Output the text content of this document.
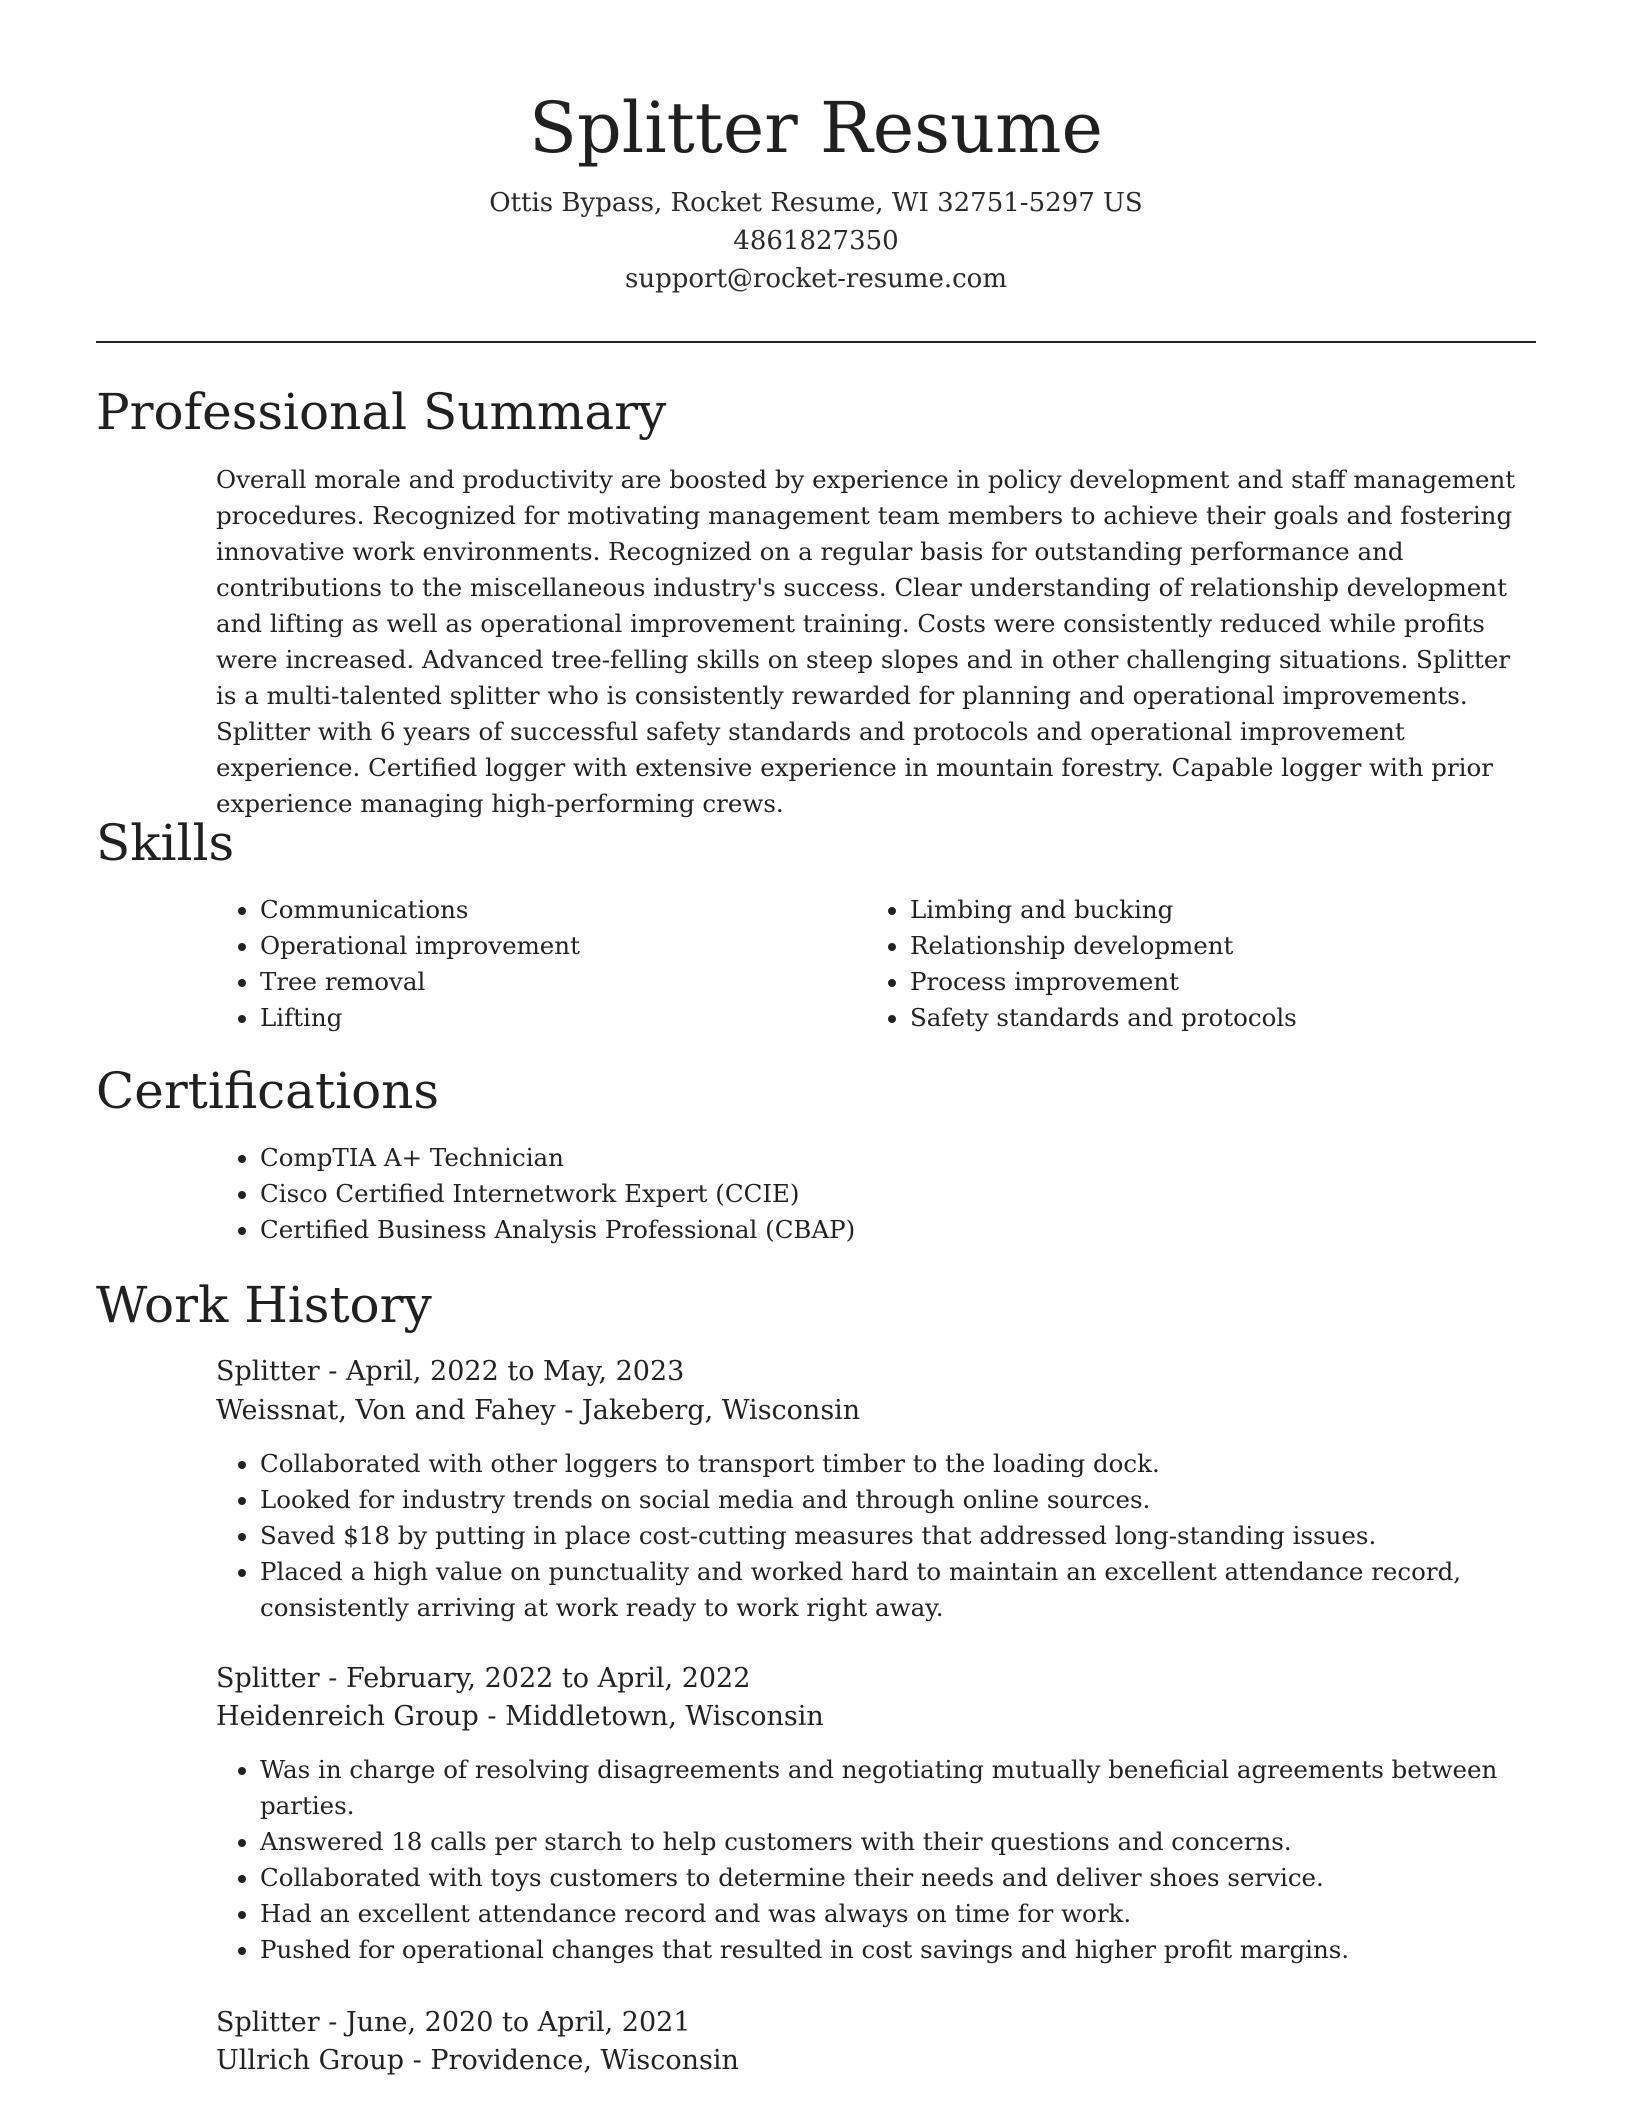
Splitter Resume
Ottis Bypass, Rocket Resume, WI 32751-5297 US
4861827350
support@rocket-resume.com
Professional Summary
Overall morale and productivity are boosted by experience in policy development and staff management procedures. Recognized for motivating management team members to achieve their goals and fostering innovative work environments. Recognized on a regular basis for outstanding performance and contributions to the miscellaneous industry's success. Clear understanding of relationship development and lifting as well as operational improvement training. Costs were consistently reduced while profits were increased. Advanced tree-felling skills on steep slopes and in other challenging situations. Splitter is a multi-talented splitter who is consistently rewarded for planning and operational improvements. Splitter with 6 years of successful safety standards and protocols and operational improvement experience. Certified logger with extensive experience in mountain forestry. Capable logger with prior experience managing high-performing crews.
Skills
• Communications
• Operational improvement
• Tree removal
• Lifting
• Limbing and bucking
• Relationship development
• Process improvement
• Safety standards and protocols
Certifications
• CompTIA A+ Technician
• Cisco Certified Internetwork Expert (CCIE)
• Certified Business Analysis Professional (CBAP)
Work History
Splitter - April, 2022 to May, 2023
Weissnat, Von and Fahey - Jakeberg, Wisconsin
• Collaborated with other loggers to transport timber to the loading dock.
• Looked for industry trends on social media and through online sources.
• Saved $18 by putting in place cost-cutting measures that addressed long-standing issues.
• Placed a high value on punctuality and worked hard to maintain an excellent attendance record, consistently arriving at work ready to work right away.
Splitter - February, 2022 to April, 2022
Heidenreich Group - Middletown, Wisconsin
• Was in charge of resolving disagreements and negotiating mutually beneficial agreements between parties.
• Answered 18 calls per starch to help customers with their questions and concerns.
• Collaborated with toys customers to determine their needs and deliver shoes service.
• Had an excellent attendance record and was always on time for work.
• Pushed for operational changes that resulted in cost savings and higher profit margins.
Splitter - June, 2020 to April, 2021
Ullrich Group - Providence, Wisconsin
